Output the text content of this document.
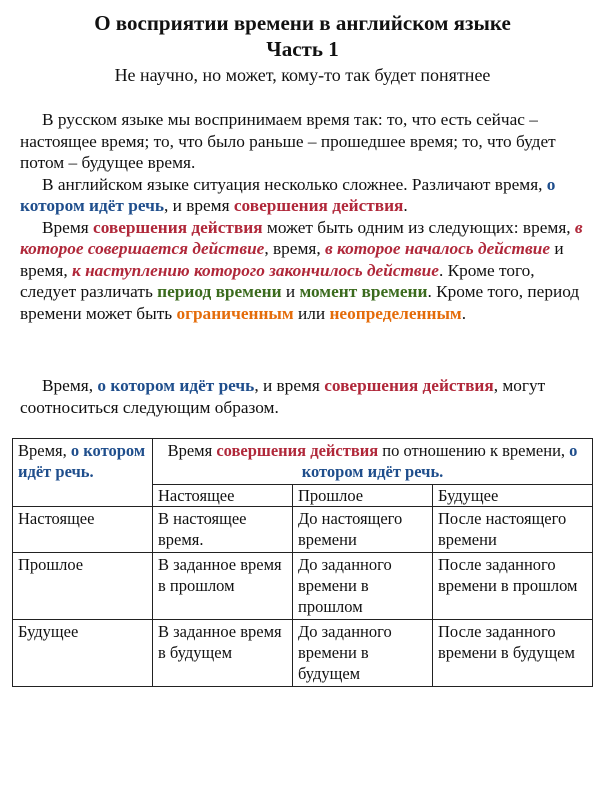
О восприятии времени в английском языке
Часть 1
Не научно, но может, кому-то так будет понятнее

В русском языке мы воспринимаем время так: то, что есть сейчас – настоящее время; то, что было раньше – прошедшее время; то, что будет потом – будущее время.

В английском языке ситуация несколько сложнее. Различают время, о котором идёт речь, и время совершения действия.

Время совершения действия может быть одним из следующих: время, в которое совершается действие, время, в которое началось действие и время, к наступлению которого закончилось действие. Кроме того, следует различать период времени и момент времени. Кроме того, период времени может быть ограниченным или неопределенным.

Время, о котором идёт речь, и время совершения действия, могут соотноситься следующим образом.

Время, о котором идёт речь.	Время совершения действия по отношению к времени, о котором идёт речь.		
	Настоящее	Прошлое	Будущее
Настоящее	В настоящее время.	До настоящего времени	После настоящего времени
Прошлое	В заданное время в прошлом	До заданного времени в прошлом	После заданного времени в прошлом
Будущее	В заданное время в будущем	До заданного времени в будущем	После заданного времени в будущем
